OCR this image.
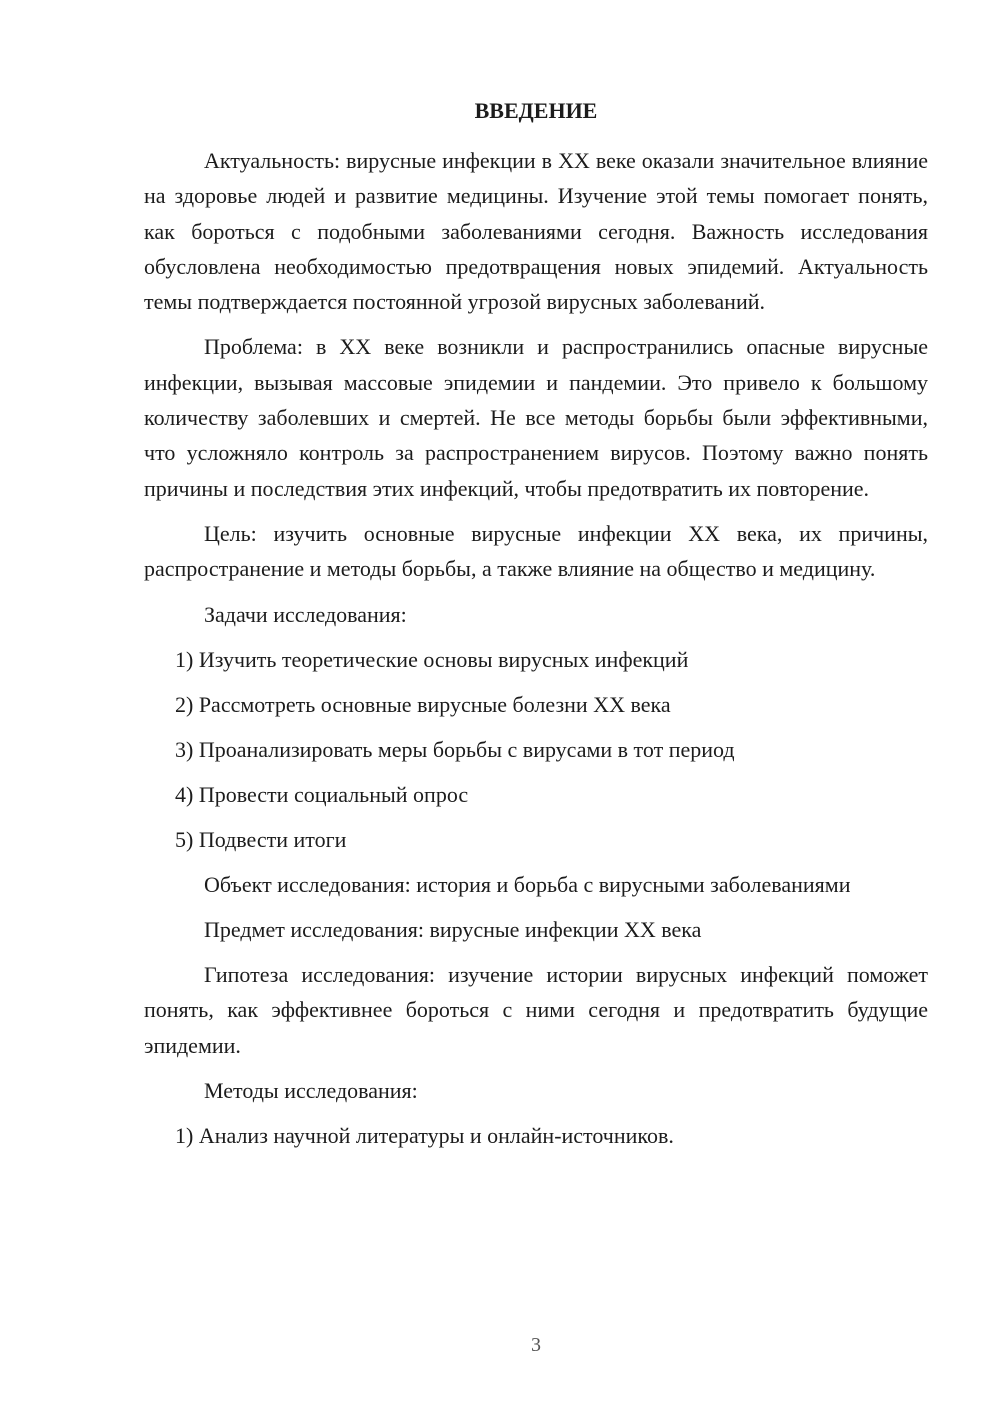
ВВЕДЕНИЕ

Актуальность: вирусные инфекции в XX веке оказали значительное влияние на здоровье людей и развитие медицины. Изучение этой темы помогает понять, как бороться с подобными заболеваниями сегодня. Важность исследования обусловлена необходимостью предотвращения новых эпидемий. Актуальность темы подтверждается постоянной угрозой вирусных заболеваний.

Проблема: в XX веке возникли и распространились опасные вирусные инфекции, вызывая массовые эпидемии и пандемии. Это привело к большому количеству заболевших и смертей. Не все методы борьбы были эффективными, что усложняло контроль за распространением вирусов. Поэтому важно понять причины и последствия этих инфекций, чтобы предотвратить их повторение.

Цель: изучить основные вирусные инфекции XX века, их причины, распространение и методы борьбы, а также влияние на общество и медицину.

Задачи исследования:

1) Изучить теоретические основы вирусных инфекций
2) Рассмотреть основные вирусные болезни XX века
3) Проанализировать меры борьбы с вирусами в тот период
4) Провести социальный опрос
5) Подвести итоги

Объект исследования: история и борьба с вирусными заболеваниями

Предмет исследования: вирусные инфекции XX века

Гипотеза исследования: изучение истории вирусных инфекций поможет понять, как эффективнее бороться с ними сегодня и предотвратить будущие эпидемии.

Методы исследования:

1) Анализ научной литературы и онлайн-источников.
3
